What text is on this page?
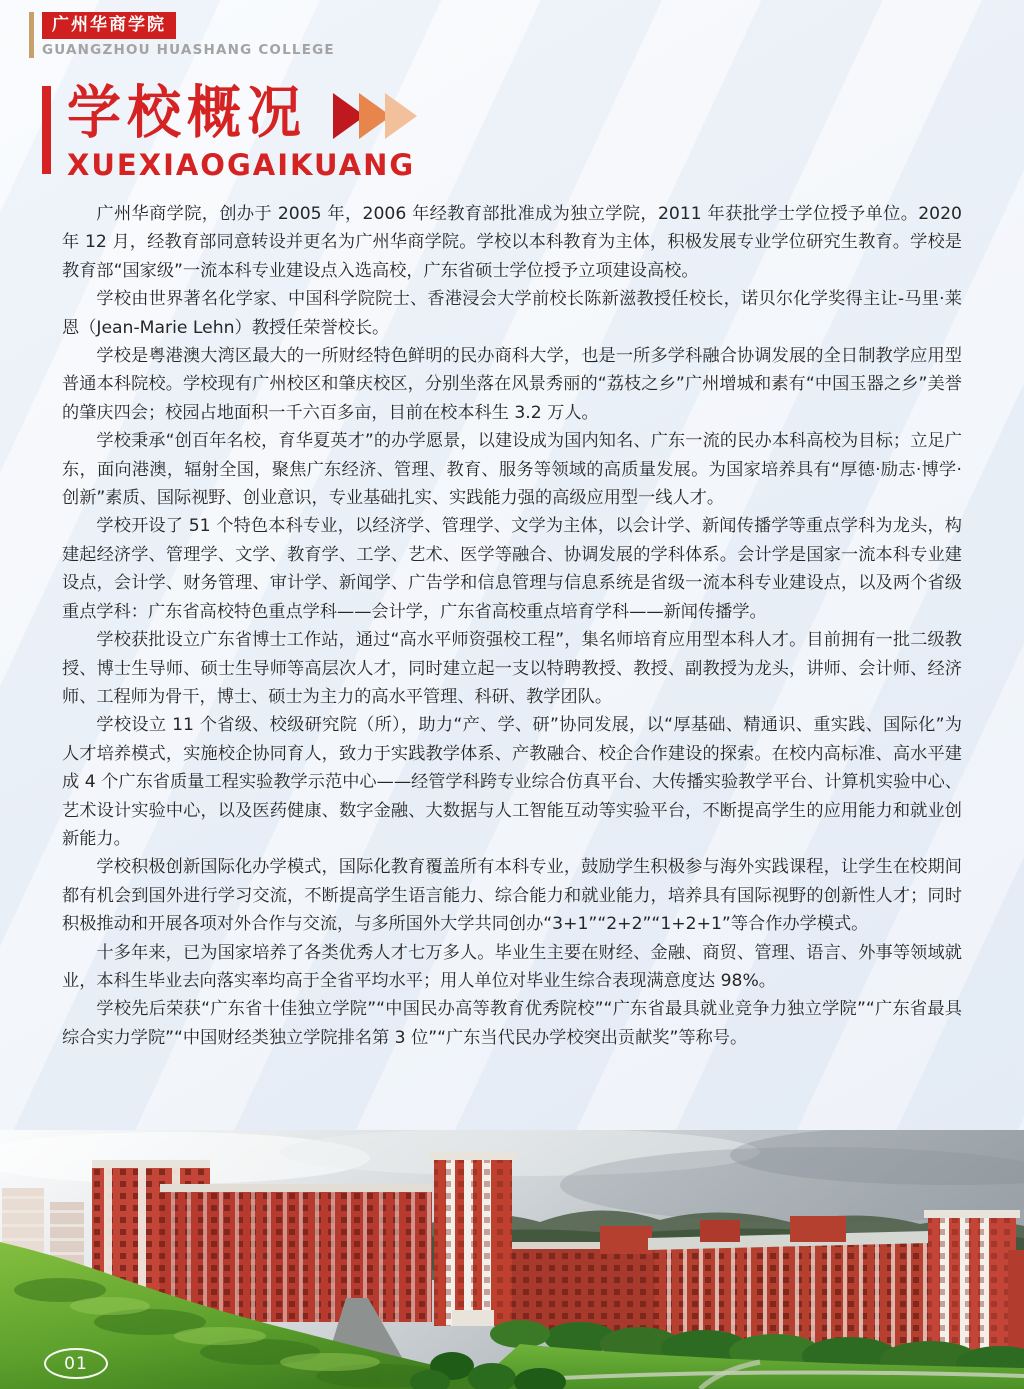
广州华商学院
GUANGZHOU HUASHANG COLLEGE
学校概况
XUEXIAOGAIKUANG

广州华商学院，创办于 2005 年，2006 年经教育部批准成为独立学院，2011 年获批学士学位授予单位。2020 年 12 月，经教育部同意转设并更名为广州华商学院。学校以本科教育为主体，积极发展专业学位研究生教育。学校是教育部“国家级”一流本科专业建设点入选高校，广东省硕士学位授予立项建设高校。

学校由世界著名化学家、中国科学院院士、香港浸会大学前校长陈新滋教授任校长，诺贝尔化学奖得主让-马里·莱恩（Jean-Marie Lehn）教授任荣誉校长。

学校是粤港澳大湾区最大的一所财经特色鲜明的民办商科大学，也是一所多学科融合协调发展的全日制教学应用型普通本科院校。学校现有广州校区和肇庆校区，分别坐落在风景秀丽的“荔枝之乡”广州增城和素有“中国玉器之乡”美誉的肇庆四会；校园占地面积一千六百多亩，目前在校本科生 3.2 万人。

学校秉承“创百年名校，育华夏英才”的办学愿景，以建设成为国内知名、广东一流的民办本科高校为目标；立足广东，面向港澳，辐射全国，聚焦广东经济、管理、教育、服务等领域的高质量发展。为国家培养具有“厚德·励志·博学·创新”素质、国际视野、创业意识，专业基础扎实、实践能力强的高级应用型一线人才。

学校开设了 51 个特色本科专业，以经济学、管理学、文学为主体，以会计学、新闻传播学等重点学科为龙头，构建起经济学、管理学、文学、教育学、工学、艺术、医学等融合、协调发展的学科体系。会计学是国家一流本科专业建设点，会计学、财务管理、审计学、新闻学、广告学和信息管理与信息系统是省级一流本科专业建设点，以及两个省级重点学科：广东省高校特色重点学科——会计学，广东省高校重点培育学科——新闻传播学。

学校获批设立广东省博士工作站，通过“高水平师资强校工程”，集名师培育应用型本科人才。目前拥有一批二级教授、博士生导师、硕士生导师等高层次人才，同时建立起一支以特聘教授、教授、副教授为龙头，讲师、会计师、经济师、工程师为骨干，博士、硕士为主力的高水平管理、科研、教学团队。

学校设立 11 个省级、校级研究院（所），助力“产、学、研”协同发展，以“厚基础、精通识、重实践、国际化”为人才培养模式，实施校企协同育人，致力于实践教学体系、产教融合、校企合作建设的探索。在校内高标准、高水平建成 4 个广东省质量工程实验教学示范中心——经管学科跨专业综合仿真平台、大传播实验教学平台、计算机实验中心、艺术设计实验中心，以及医药健康、数字金融、大数据与人工智能互动等实验平台，不断提高学生的应用能力和就业创新能力。

学校积极创新国际化办学模式，国际化教育覆盖所有本科专业，鼓励学生积极参与海外实践课程，让学生在校期间都有机会到国外进行学习交流，不断提高学生语言能力、综合能力和就业能力，培养具有国际视野的创新性人才；同时积极推动和开展各项对外合作与交流，与多所国外大学共同创办“3+1”“2+2”“1+2+1”等合作办学模式。

十多年来，已为国家培养了各类优秀人才七万多人。毕业生主要在财经、金融、商贸、管理、语言、外事等领域就业，本科生毕业去向落实率均高于全省平均水平；用人单位对毕业生综合表现满意度达 98%。

学校先后荣获“广东省十佳独立学院”“中国民办高等教育优秀院校”“广东省最具就业竞争力独立学院”“广东省最具综合实力学院”“中国财经类独立学院排名第 3 位”“广东当代民办学校突出贡献奖”等称号。

01
